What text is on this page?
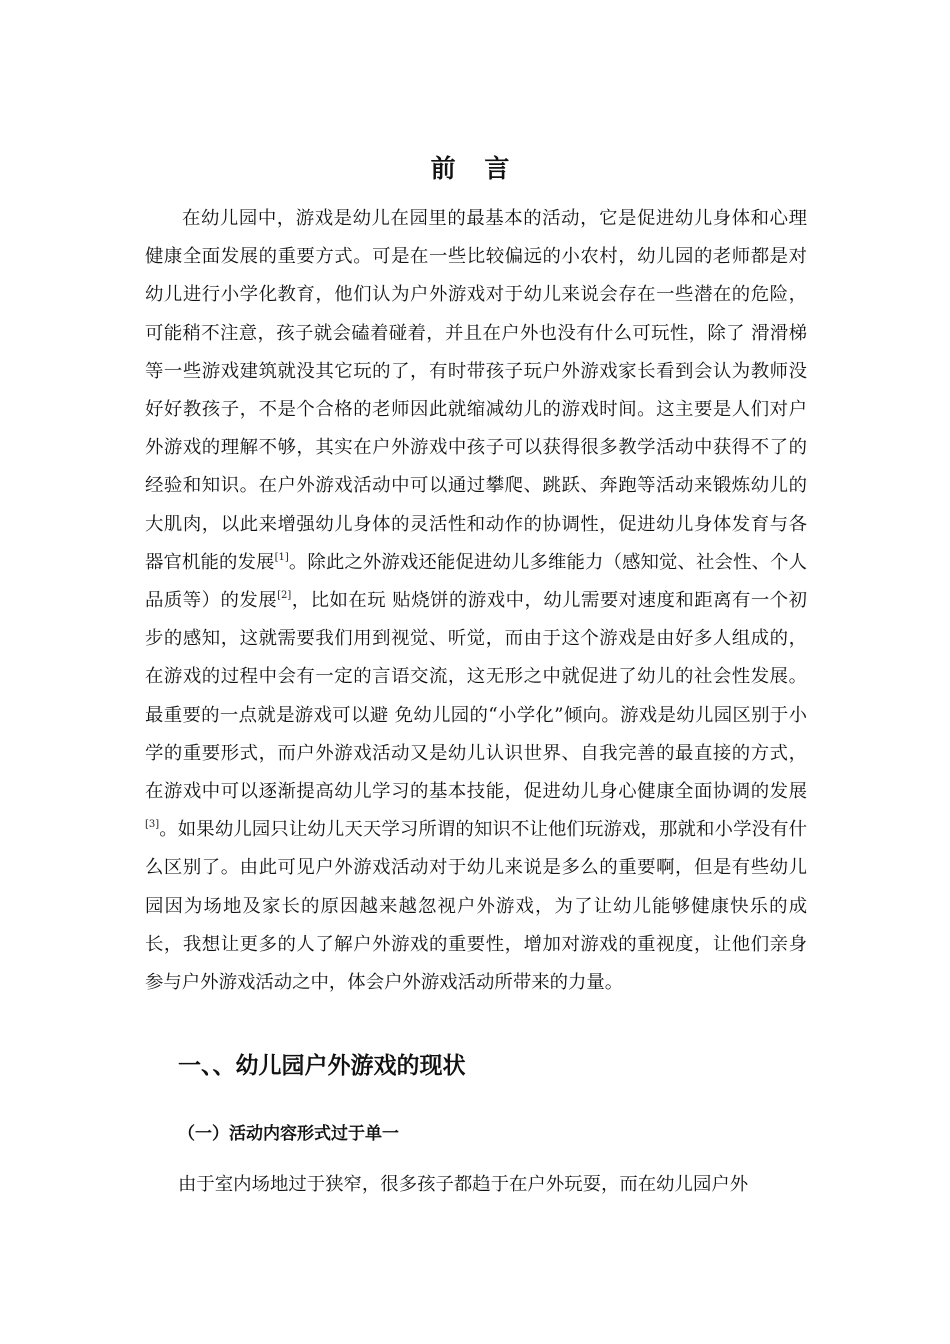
前 言

在幼儿园中，游戏是幼儿在园里的最基本的活动，它是促进幼儿身体和心理健康全面发展的重要方式。可是在一些比较偏远的小农村，幼儿园的老师都是对幼儿进行小学化教育，他们认为户外游戏对于幼儿来说会存在一些潜在的危险，可能稍不注意，孩子就会磕着碰着，并且在户外也没有什么可玩性，除了 滑滑梯等一些游戏建筑就没其它玩的了，有时带孩子玩户外游戏家长看到会认为教师没好好教孩子，不是个合格的老师因此就缩减幼儿的游戏时间。这主要是人们对户外游戏的理解不够，其实在户外游戏中孩子可以获得很多教学活动中获得不了的经验和知识。在户外游戏活动中可以通过攀爬、跳跃、奔跑等活动来锻炼幼儿的大肌肉，以此来增强幼儿身体的灵活性和动作的协调性，促进幼儿身体发育与各器官机能的发展[1]。除此之外游戏还能促进幼儿多维能力（感知觉、社会性、个人品质等）的发展[2]，比如在玩 贴烧饼的游戏中，幼儿需要对速度和距离有一个初步的感知，这就需要我们用到视觉、听觉，而由于这个游戏是由好多人组成的，在游戏的过程中会有一定的言语交流，这无形之中就促进了幼儿的社会性发展。最重要的一点就是游戏可以避 免幼儿园的“小学化”倾向。游戏是幼儿园区别于小学的重要形式，而户外游戏活动又是幼儿认识世界、自我完善的最直接的方式，在游戏中可以逐渐提高幼儿学习的基本技能，促进幼儿身心健康全面协调的发展 [3]。如果幼儿园只让幼儿天天学习所谓的知识不让他们玩游戏，那就和小学没有什么区别了。由此可见户外游戏活动对于幼儿来说是多么的重要啊，但是有些幼儿园因为场地及家长的原因越来越忽视户外游戏，为了让幼儿能够健康快乐的成长，我想让更多的人了解户外游戏的重要性，增加对游戏的重视度，让他们亲身参与户外游戏活动之中，体会户外游戏活动所带来的力量。

一、、幼儿园户外游戏的现状
（一）活动内容形式过于单一

由于室内场地过于狭窄，很多孩子都趋于在户外玩耍，而在幼儿园户外
